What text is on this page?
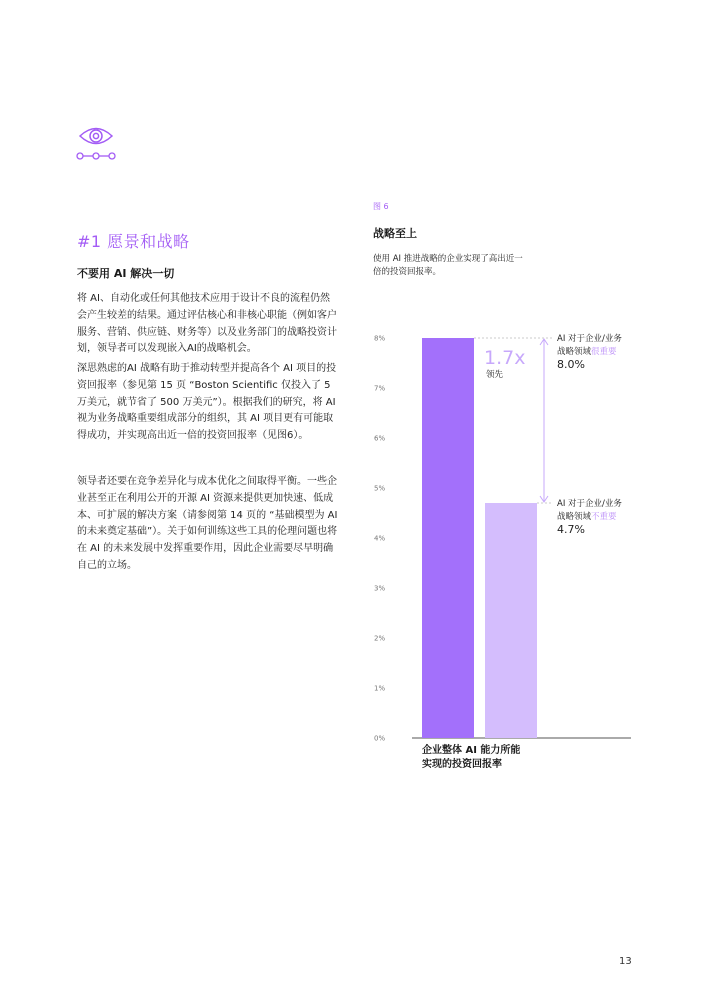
#1 愿景和战略
不要用 AI 解决一切

将 AI、自动化或任何其他技术应用于设计不良的流程仍然会产生较差的结果。通过评估核心和非核心职能（例如客户服务、营销、供应链、财务等）以及业务部门的战略投资计划，领导者可以发现嵌入AI的战略机会。

深思熟虑的AI 战略有助于推动转型并提高各个 AI 项目的投资回报率（参见第 15 页 “Boston Scientific 仅投入了 5 万美元，就节省了 500 万美元”）。根据我们的研究，将 AI 视为业务战略重要组成部分的组织，其 AI 项目更有可能取得成功，并实现高出近一倍的投资回报率（见图6）。

领导者还要在竞争差异化与成本优化之间取得平衡。一些企业甚至正在利用公开的开源 AI 资源来提供更加快速、低成本、可扩展的解决方案（请参阅第 14 页的 “基础模型为 AI 的未来奠定基础”）。关于如何训练这些工具的伦理问题也将在 AI 的未来发展中发挥重要作用，因此企业需要尽早明确自己的立场。

图 6
战略至上
使用 AI 推进战略的企业实现了高出近一倍的投资回报率。
0%
1%
2%
3%
4%
5%
6%
7%
8%	AI 对于企业/业务
战略领域很重要
8.0%
AI 对于企业/业务
战略领域不重要
4.7%
1.7x
领先
企业整体 AI 能力所能
实现的投资回报率
13
